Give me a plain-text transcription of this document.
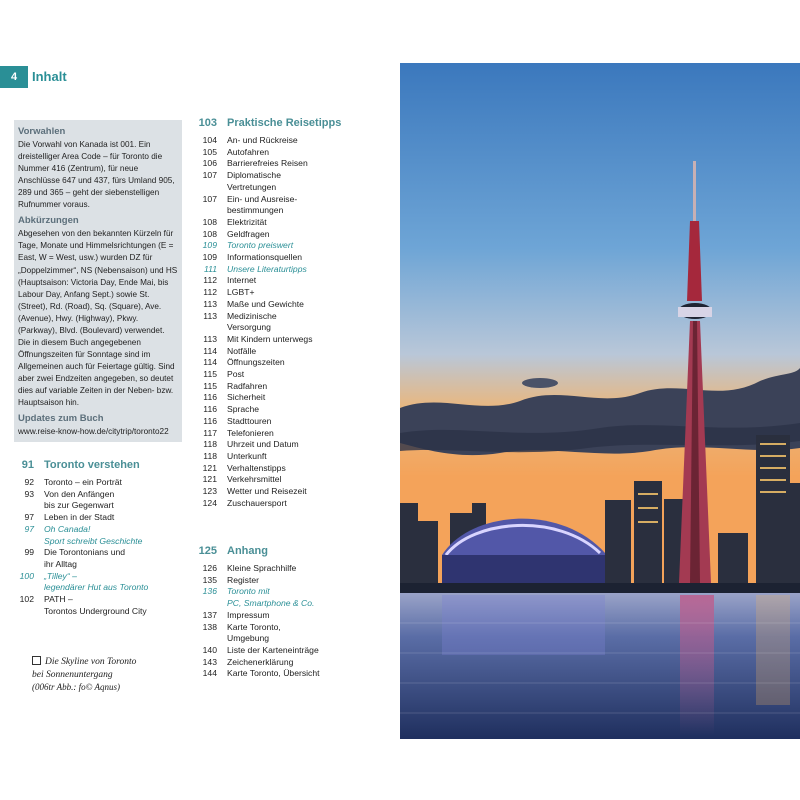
4	Inhalt
Vorwahlen

Die Vorwahl von Kanada ist 001. Ein dreistelliger Area Code – für Toronto die Nummer 416 (Zentrum), für neue Anschlüsse 647 und 437, fürs Umland 905, 289 und 365 – geht der siebenstelligen Rufnummer voraus.

Abkürzungen

Abgesehen von den bekannten Kürzeln für Tage, Monate und Himmelsrichtungen (E = East, W = West, usw.) wurden DZ für „Doppelzimmer“, NS (Nebensaison) und HS (Hauptsaison: Victoria Day, Ende Mai, bis Labour Day, Anfang Sept.) sowie St. (Street), Rd. (Road), Sq. (Square), Ave. (Avenue), Hwy. (Highway), Pkwy. (Parkway), Blvd. (Boulevard) verwendet. Die in diesem Buch angegebenen Öffnungszeiten für Sonntage sind im Allgemeinen auch für Feiertage gültig. Sind aber zwei Endzeiten angegeben, so deutet dies auf variable Zeiten in der Neben- bzw. Hauptsaison hin.

Updates zum Buch

www.reise-know-how.de/citytrip/toronto22

91 Toronto verstehen
92	Toronto – ein Porträt
93	Von den Anfängen
bis zur Gegenwart
97	Leben in der Stadt
97	Oh Canada!
Sport schreibt Geschichte
99	Die Torontonians und
ihr Alltag
100	„Tilley“ –
legendärer Hut aus Toronto
102	PATH –
Torontos Underground City
103 Praktische Reisetipps
104	An- und Rückreise
105	Autofahren
106	Barrierefreies Reisen
107	Diplomatische
Vertretungen
107	Ein- und Ausreise-
bestimmungen
108	Elektrizität
108	Geldfragen
109	Toronto preiswert
109	Informationsquellen
111	Unsere Literaturtipps
112	Internet
112	LGBT+
113	Maße und Gewichte
113	Medizinische
Versorgung
113	Mit Kindern unterwegs
114	Notfälle
114	Öffnungszeiten
115	Post
115	Radfahren
116	Sicherheit
116	Sprache
116	Stadttouren
117	Telefonieren
118	Uhrzeit und Datum
118	Unterkunft
121	Verhaltenstipps
121	Verkehrsmittel
123	Wetter und Reisezeit
124	Zuschauersport
125 Anhang
126	Kleine Sprachhilfe
135	Register
136	Toronto mit
PC, Smartphone & Co.
137	Impressum
138	Karte Toronto,
Umgebung
140	Liste der Karteneinträge
143	Zeichenerklärung
144	Karte Toronto, Übersicht
Die Skyline von Toronto
bei Sonnenuntergang
(006tr Abb.: fo© Aqnus)
